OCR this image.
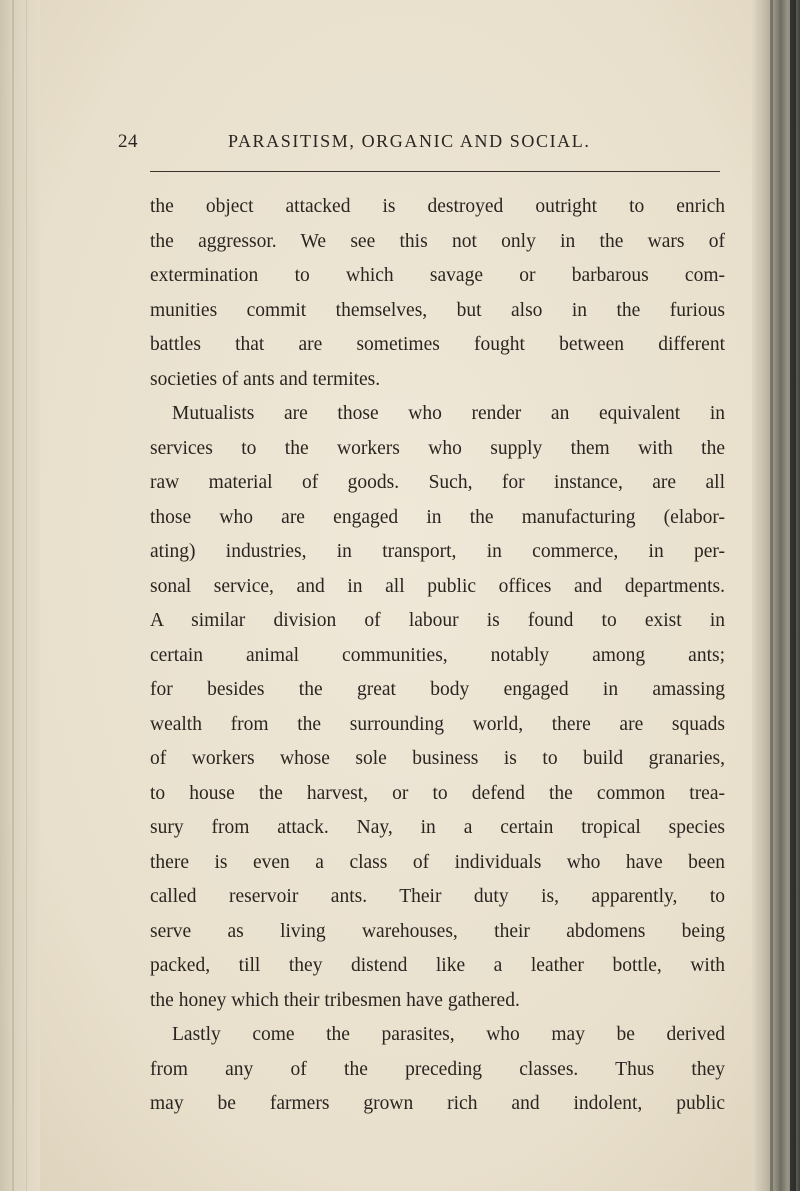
24	PARASITISM, ORGANIC AND SOCIAL.
the object attacked is destroyed outright to enrich
the aggressor. We see this not only in the wars of
extermination to which savage or barbarous com-
munities commit themselves, but also in the furious
battles that are sometimes fought between different
societies of ants and termites.
Mutualists are those who render an equivalent in
services to the workers who supply them with the
raw material of goods. Such, for instance, are all
those who are engaged in the manufacturing (elabor-
ating) industries, in transport, in commerce, in per-
sonal service, and in all public offices and departments.
A similar division of labour is found to exist in
certain animal communities, notably among ants;
for besides the great body engaged in amassing
wealth from the surrounding world, there are squads
of workers whose sole business is to build granaries,
to house the harvest, or to defend the common trea-
sury from attack. Nay, in a certain tropical species
there is even a class of individuals who have been
called reservoir ants. Their duty is, apparently, to
serve as living warehouses, their abdomens being
packed, till they distend like a leather bottle, with
the honey which their tribesmen have gathered.
Lastly come the parasites, who may be derived
from any of the preceding classes. Thus they
may be farmers grown rich and indolent, public
